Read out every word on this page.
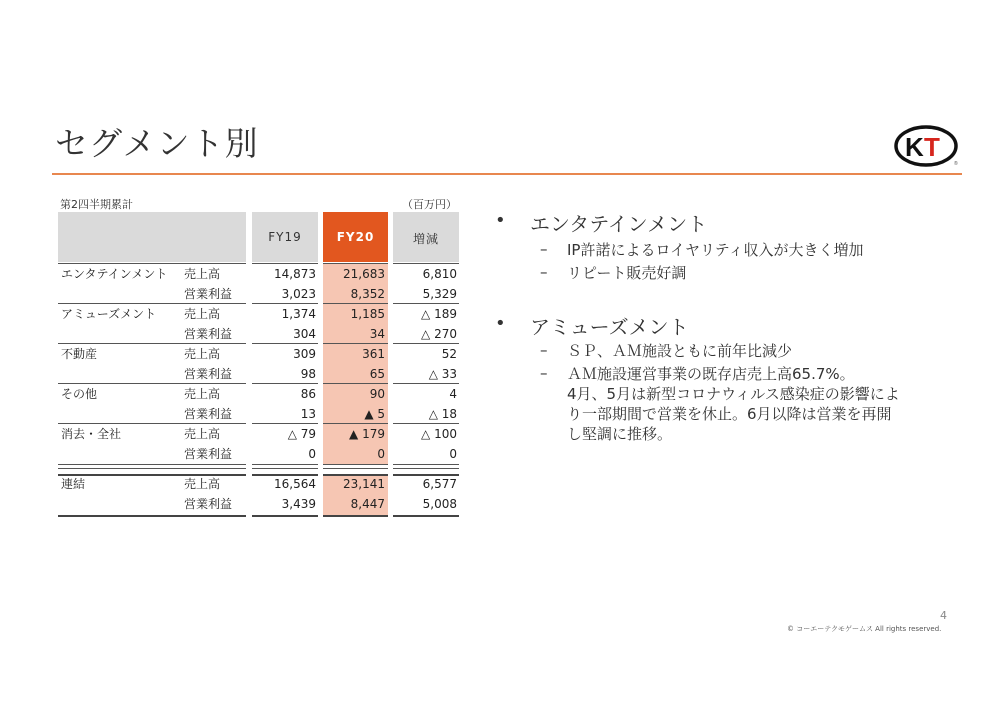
セグメント別	K T
®
第2四半期累計	（百万円）
FY19	FY20	増減
エンタテインメント 売上高	14,873	21,683	6,810
営業利益	3,023	8,352	5,329
アミューズメント 売上高	1,374	1,185	△ 189
営業利益	304	34	△ 270
不動産	売上高	309	361	52
営業利益	98	65	△ 33
その他	売上高	86	90	4
営業利益	13	▲ 5	△ 18
消去・全社	売上高	△ 79	▲ 179	△ 100
営業利益	0	0	0
連結	売上高	16,564	23,141	6,577
営業利益	3,439	8,447	5,008
• エンタテインメント
– IP許諾によるロイヤリティ収入が大きく増加
– リピート販売好調
• アミューズメント
– ＳＰ、ＡＭ施設ともに前年比減少
– ＡＭ施設運営事業の既存店売上高65.7%。
4月、5月は新型コロナウィルス感染症の影響によ
り一部期間で営業を休止。6月以降は営業を再開
し堅調に推移。
4
© コーエーテクモゲームス All rights reserved.
